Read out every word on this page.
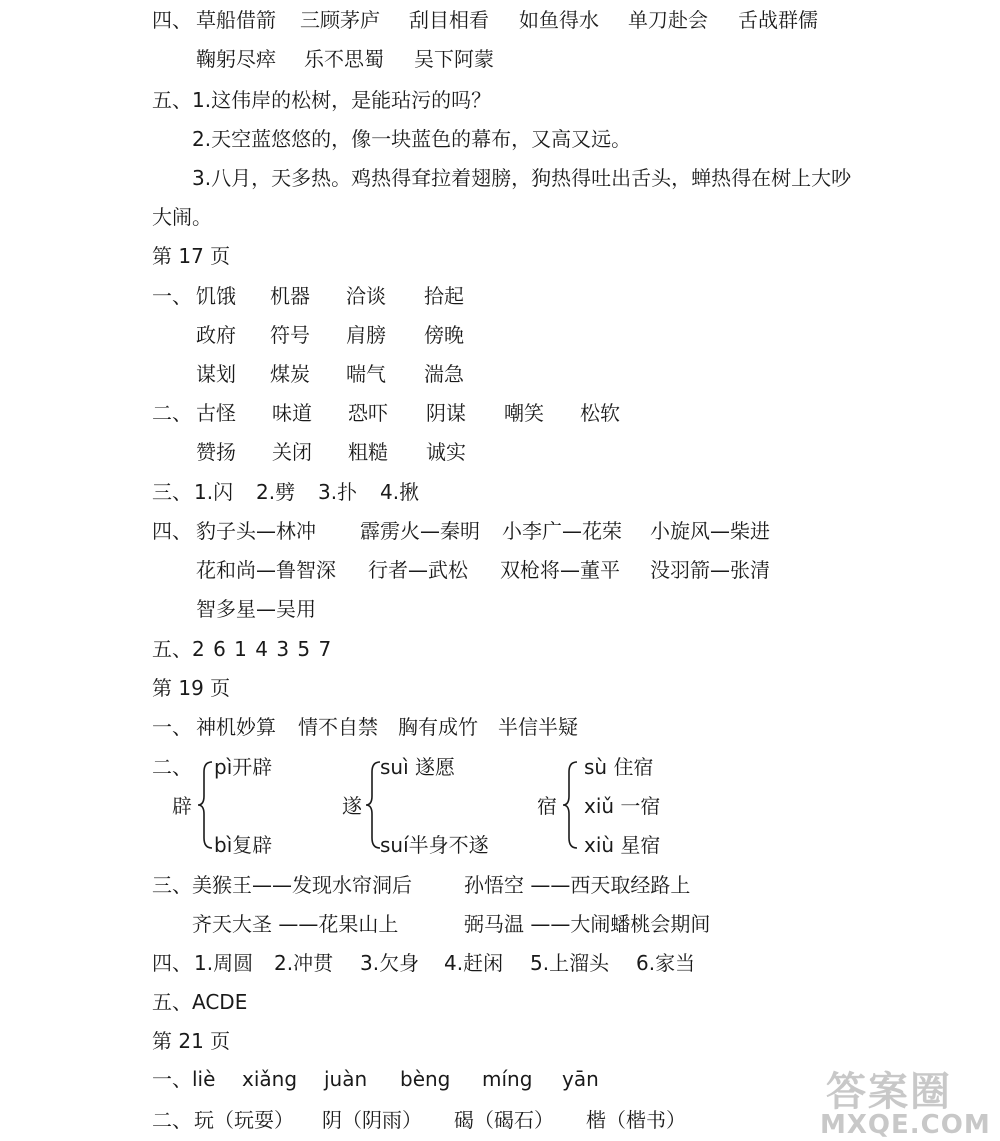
四、 草船借箭 三顾茅庐 刮目相看 如鱼得水 单刀赴会 舌战群儒
鞠躬尽瘁 乐不思蜀 吴下阿蒙
五、1.这伟岸的松树，是能玷污的吗？
2.天空蓝悠悠的，像一块蓝色的幕布，又高又远。
3.八月，天多热。鸡热得耷拉着翅膀，狗热得吐出舌头，蝉热得在树上大吵
大闹。
第 17 页
一、 饥饿 机器 洽谈 拾起
政府 符号 肩膀 傍晚
谋划 煤炭 喘气 湍急
二、 古怪 味道 恐吓 阴谋 嘲笑 松软
赞扬 关闭 粗糙 诚实
三、 1.闪 2.劈 3.扑 4.揪
四、 豹子头—林冲 霹雳火—秦明 小李广—花荣 小旋风—柴进
花和尚—鲁智深 行者—武松 双枪将—董平 没羽箭—张清
智多星—吴用
五、2 6 1 4 3 5 7
第 19 页
一、 神机妙算 情不自禁 胸有成竹 半信半疑
二、
辟
pì开辟
bì复辟
遂
suì 遂愿
suí半身不遂
宿
sù 住宿
xiǔ 一宿
xiù 星宿
三、美猴王——发现水帘洞后	孙悟空 ——西天取经路上
齐天大圣 ——花果山上	弼马温 ——大闹蟠桃会期间
四、 1.周圆 2.冲贯 3.欠身 4.赶闲 5.上溜头 6.家当
五、ACDE
第 21 页
一、 liè xiǎng juàn bèng míng yān
二、 玩（玩耍） 阴（阴雨） 碣（碣石） 楷（楷书）
答案圈
MXQE.COM
